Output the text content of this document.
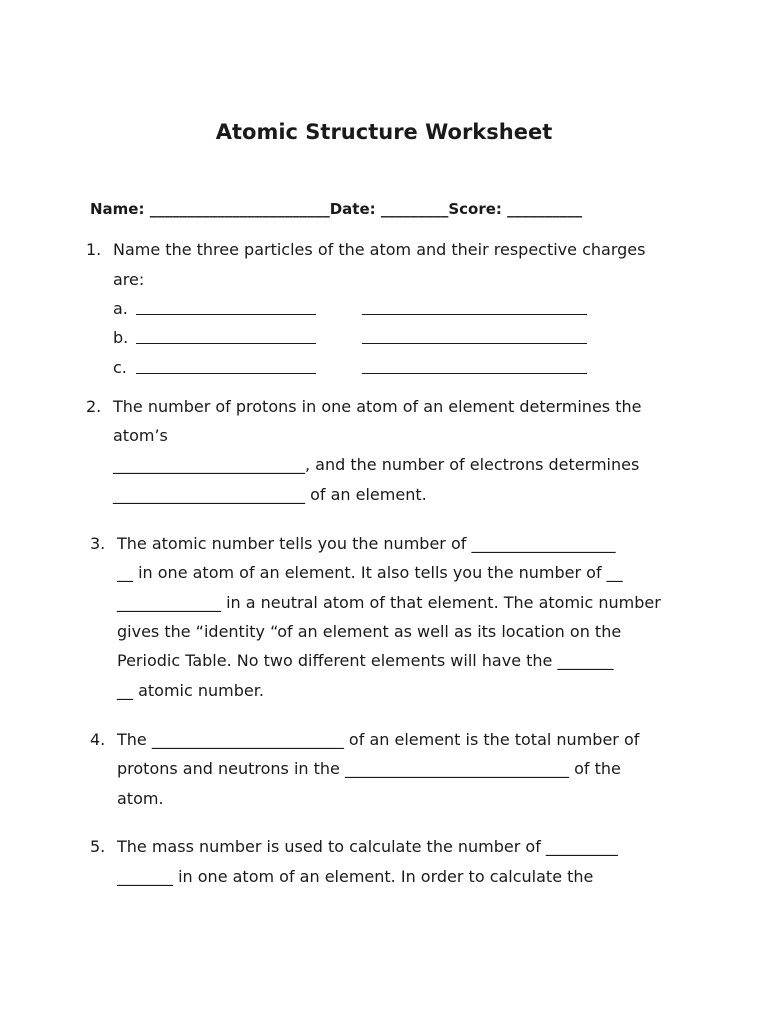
Atomic Structure Worksheet
Name: ________________________Date: _________Score: __________
1. Name the three particles of the atom and their respective charges
are:
a.
b.
c.
2. The number of protons in one atom of an element determines the
atom’s
________________________, and the number of electrons determines
________________________ of an element.
3. The atomic number tells you the number of __________________
__ in one atom of an element. It also tells you the number of __
_____________ in a neutral atom of that element. The atomic number
gives the “identity “of an element as well as its location on the
Periodic Table. No two different elements will have the _______
__ atomic number.
4. The ________________________ of an element is the total number of
protons and neutrons in the ____________________________ of the
atom.
5. The mass number is used to calculate the number of _________
_______ in one atom of an element. In order to calculate the
